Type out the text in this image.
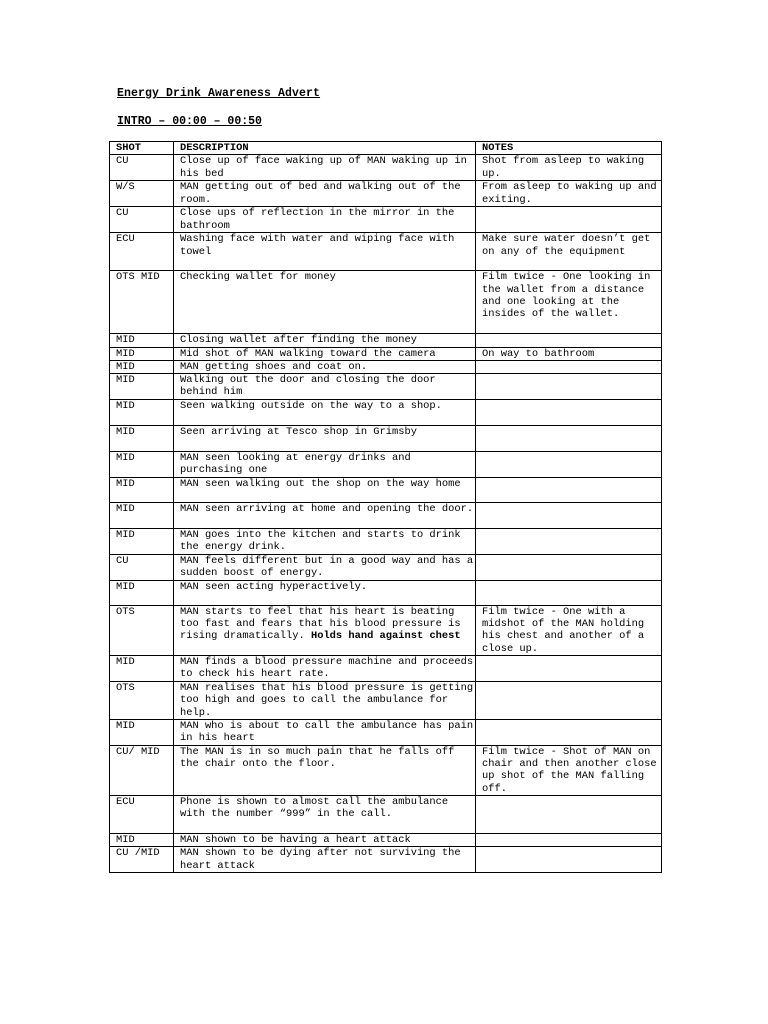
Energy Drink Awareness Advert

INTRO – 00:00 – 00:50

SHOT	DESCRIPTION	NOTES
CU	Close up of face waking up of MAN waking up in his bed	Shot from asleep to waking up.
W/S	MAN getting out of bed and walking out of the room.	From asleep to waking up and exiting.
CU	Close ups of reflection in the mirror in the bathroom	
ECU	Washing face with water and wiping face with towel	Make sure water doesn’t get on any of the equipment
OTS MID	Checking wallet for money	Film twice - One looking in the wallet from a distance and one looking at the insides of the wallet.
MID	Closing wallet after finding the money	
MID	Mid shot of MAN walking toward the camera	On way to bathroom
MID	MAN getting shoes and coat on.	
MID	Walking out the door and closing the door behind him	
MID	Seen walking outside on the way to a shop.	
MID	Seen arriving at Tesco shop in Grimsby	
MID	MAN seen looking at energy drinks and purchasing one	
MID	MAN seen walking out the shop on the way home	
MID	MAN seen arriving at home and opening the door.	
MID	MAN goes into the kitchen and starts to drink the energy drink.	
CU	MAN feels different but in a good way and has a sudden boost of energy.	
MID	MAN seen acting hyperactively.	
OTS	MAN starts to feel that his heart is beating too fast and fears that his blood pressure is rising dramatically. Holds hand against chest	Film twice - One with a midshot of the MAN holding his chest and another of a close up.
MID	MAN finds a blood pressure machine and proceeds to check his heart rate.	
OTS	MAN realises that his blood pressure is getting too high and goes to call the ambulance for help.	
MID	MAN who is about to call the ambulance has pain in his heart	
CU/ MID	The MAN is in so much pain that he falls off the chair onto the floor.	Film twice - Shot of MAN on chair and then another close up shot of the MAN falling off.
ECU	Phone is shown to almost call the ambulance with the number “999” in the call.	
MID	MAN shown to be having a heart attack	
CU /MID	MAN shown to be dying after not surviving the heart attack	
